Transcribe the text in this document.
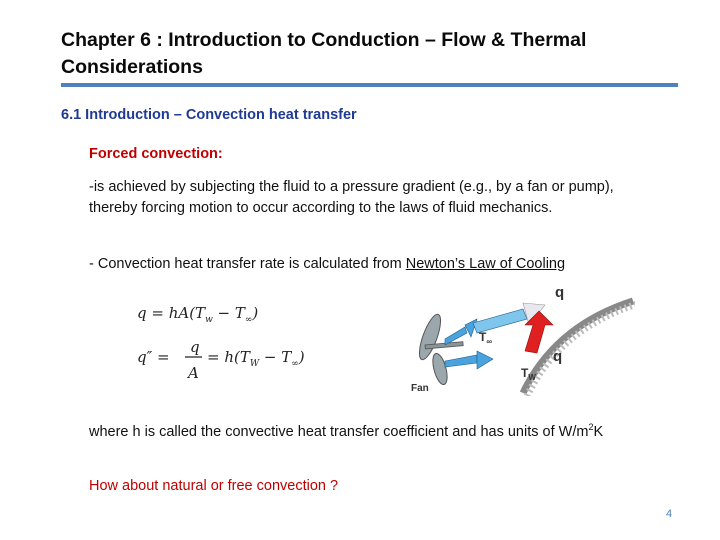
Chapter 6 : Introduction to Conduction – Flow & Thermal Considerations
6.1 Introduction – Convection heat transfer
Forced convection:

-is achieved by subjecting the fluid to a pressure gradient (e.g., by a fan or pump), thereby forcing motion to occur according to the laws of fluid mechanics.

- Convection heat transfer rate is calculated from Newton’s Law of Cooling

$q = hA(T_w - T_\infty)$
q″ =
q
A
= $h(T_W - T_\infty)$
q
q
$T_\infty$
$T_W$
Fan

where h is called the convective heat transfer coefficient and has units of $W/m^2K$

How about natural or free convection ?

4
